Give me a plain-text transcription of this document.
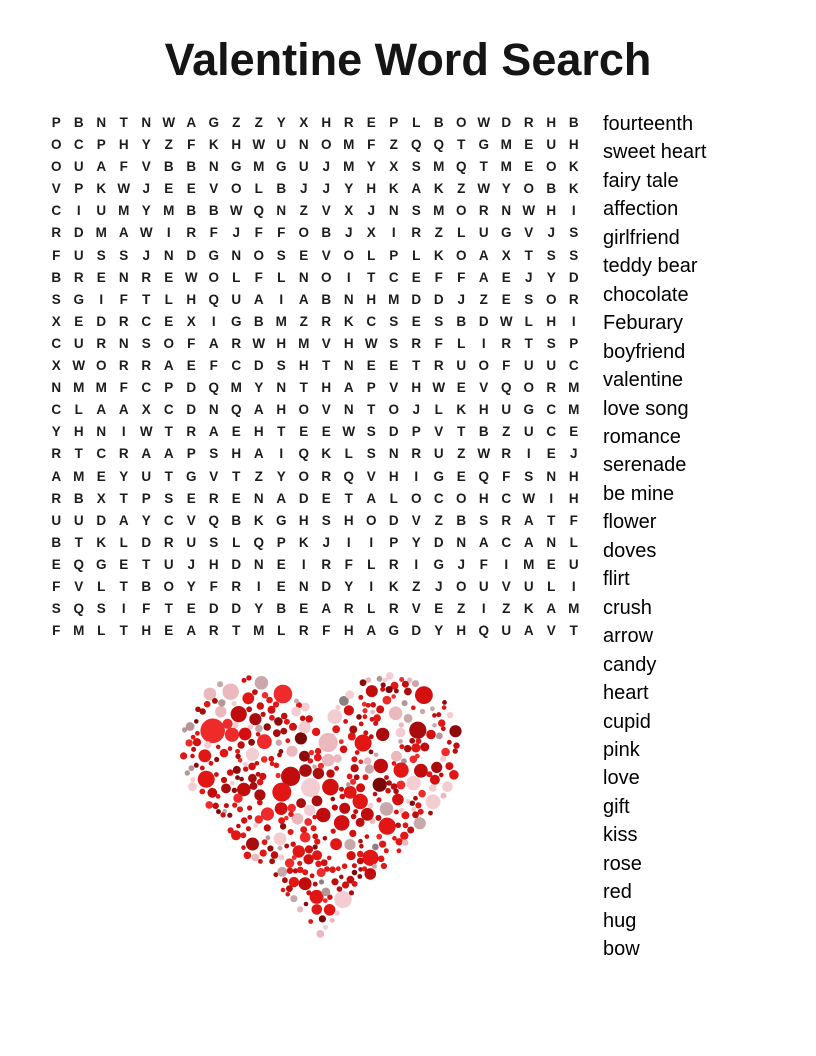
Valentine Word Search
P B N	T	N W A G Z	Z	Y X H R E P	L	B O W D R H B
O C P H Y	Z	F	K H W U N O M F	Z Q Q T G M E U H
O U A	F	V B B N G M G U	J M Y X S M Q T M E O K
V P K W J	E E V O L	B	J	J	Y H K A K	Z W Y O B K
C	I	U M Y M B B W Q N	Z	V X	J	N S M O R N W H	I
R D M A W	I	R	F	J	F	F O B	J	X	I	R	Z	L	U G V	J	S
F	U S S	J	N D G N O S E V O L	P	L	K O A X	T	S S
B R E N R E W O L	F	L	N O	I	T	C E	F	F	A E	J	Y D
S G	I	F	T	L	H Q U A	I	A B N H M D D	J	Z	E S O R
X E D R C E X	I	G B M Z	R K C S E S B D W L	H	I
C U R N S O F	A R W H M V H W S R	F	L	I	R	T	S P
X W O R R A E	F	C D S H	T	N E E	T	R U O F	U U C
N M M F	C P D Q M Y N	T	H A P V H W E V Q O R M
C	L	A A X C D N Q A H O V N	T O J	L	K H U G C M
Y H N	I	W T	R A E H	T	E E W S D P V	T	B	Z	U C E
R	T	C R A A P S H A	I	Q K	L	S N R U	Z W R	I	E	J
A M E Y U	T G V	T	Z	Y O R Q V H	I	G E Q F	S N H
R B X	T	P S E R E N A D E	T	A	L O C O H C W	I	H
U U D A Y C V Q B K G H S H O D V	Z	B S R A	T	F
B	T	K	L	D R U S	L Q P K	J	I	I	P Y D N A C A N	L
E Q G E	T	U	J	H D N E	I	R	F	L	R	I	G J	F	I	M E U
F	V	L	T	B O Y	F	R	I	E N D Y	I	K	Z	J O U V U	L	I
S Q S	I	F	T	E D D Y B E A R	L	R V E	Z	I	Z	K A M
F M L	T	H E A R	T M L	R	F	H A G D Y H Q U A V	T
fourteenth
sweet heart
fairy tale
affection
girlfriend
teddy bear
chocolate
Feburary
boyfriend
valentine
love song
romance
serenade
be mine
flower
doves
flirt
crush
arrow
candy
heart
cupid
pink
love
gift
kiss
rose
red
hug
bow
